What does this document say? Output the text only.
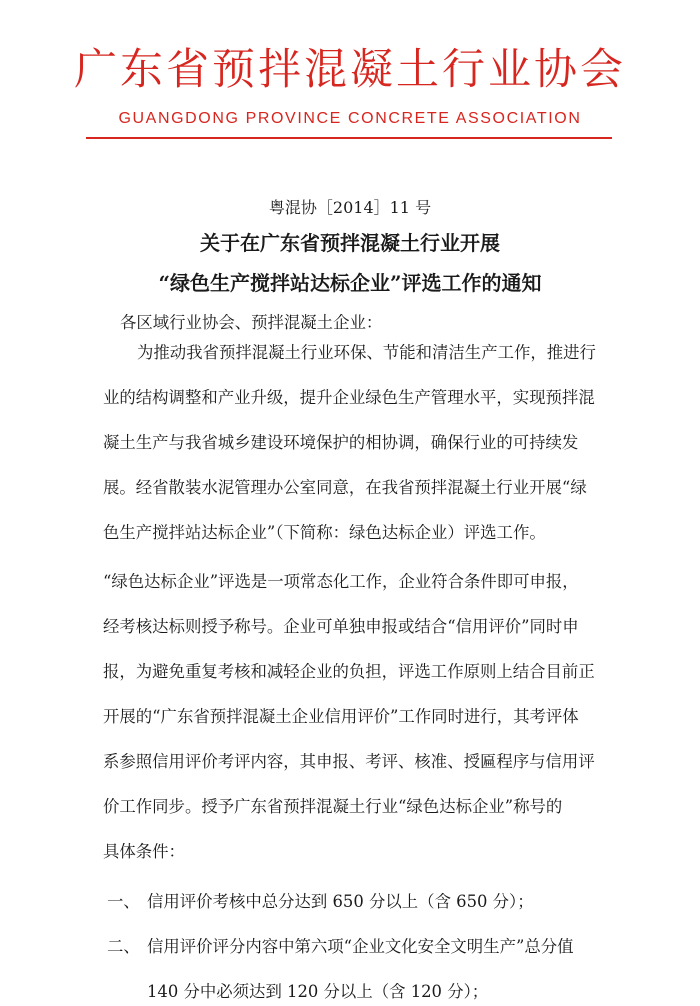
广东省预拌混凝土行业协会
GUANGDONG PROVINCE CONCRETE ASSOCIATION
粤混协［2014］11 号
关于在广东省预拌混凝土行业开展
“绿色生产搅拌站达标企业”评选工作的通知
各区域行业协会、预拌混凝土企业：
为推动我省预拌混凝土行业环保、节能和清洁生产工作，推进行
业的结构调整和产业升级，提升企业绿色生产管理水平，实现预拌混
凝土生产与我省城乡建设环境保护的相协调，确保行业的可持续发
展。经省散装水泥管理办公室同意，在我省预拌混凝土行业开展“绿
色生产搅拌站达标企业”（下简称：绿色达标企业）评选工作。
“绿色达标企业”评选是一项常态化工作，企业符合条件即可申报，
经考核达标则授予称号。企业可单独申报或结合“信用评价”同时申
报，为避免重复考核和减轻企业的负担，评选工作原则上结合目前正
开展的“广东省预拌混凝土企业信用评价”工作同时进行，其考评体
系参照信用评价考评内容，其申报、考评、核准、授匾程序与信用评
价工作同步。授予广东省预拌混凝土行业“绿色达标企业”称号的
具体条件：
一、 信用评价考核中总分达到 650 分以上（含 650 分）；
二、 信用评价评分内容中第六项“企业文化安全文明生产”总分值
140 分中必须达到 120 分以上（含 120 分）；
